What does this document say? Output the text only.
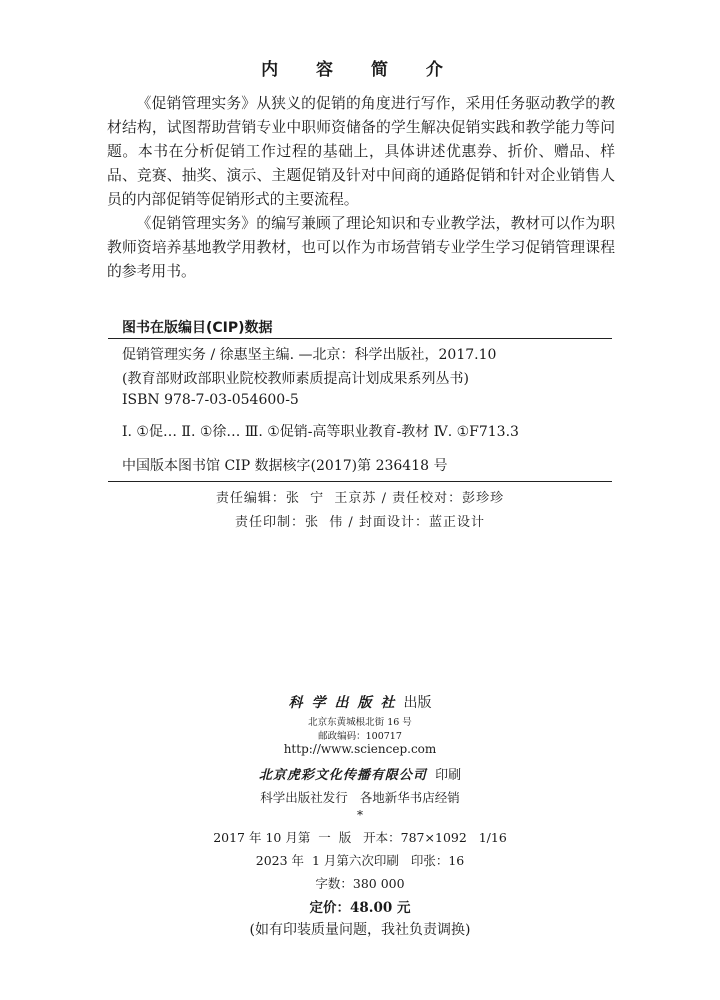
内 容 简 介

《促销管理实务》从狭义的促销的角度进行写作，采用任务驱动教学的教材结构，试图帮助营销专业中职师资储备的学生解决促销实践和教学能力等问题。本书在分析促销工作过程的基础上，具体讲述优惠券、折价、赠品、样品、竞赛、抽奖、演示、主题促销及针对中间商的通路促销和针对企业销售人员的内部促销等促销形式的主要流程。

《促销管理实务》的编写兼顾了理论知识和专业教学法，教材可以作为职教师资培养基地教学用教材，也可以作为市场营销专业学生学习促销管理课程的参考用书。

图书在版编目(CIP)数据
促销管理实务 / 徐惠坚主编. —北京：科学出版社，2017.10
(教育部财政部职业院校教师素质提高计划成果系列丛书)
ISBN 978-7-03-054600-5
Ⅰ. ①促… Ⅱ. ①徐… Ⅲ. ①促销-高等职业教育-教材 Ⅳ. ①F713.3
中国版本图书馆 CIP 数据核字(2017)第 236418 号
责任编辑：张  宁  王京苏 / 责任校对：彭珍珍
责任印制：张  伟 / 封面设计：蓝正设计
科学出版社出版
北京东黄城根北街 16 号
邮政编码：100717
http://www.sciencep.com
北京虎彩文化传播有限公司 印刷
科学出版社发行   各地新华书店经销
*
2017 年 10 月第  一  版   开本：787×1092   1/16
2023 年  1 月第六次印刷   印张：16
字数：380 000
定价：48.00 元
(如有印装质量问题，我社负责调换)
